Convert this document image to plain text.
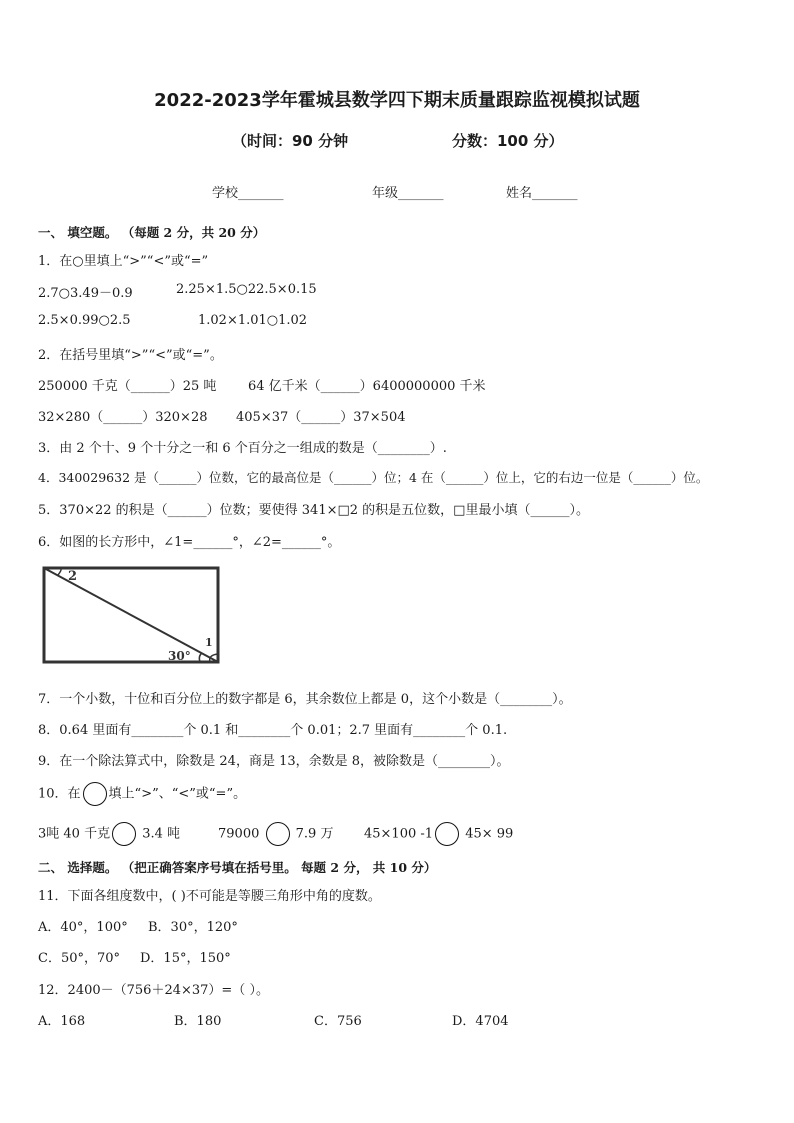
2022-2023学年霍城县数学四下期末质量跟踪监视模拟试题
（时间：90 分钟	分数：100 分）
学校_______	年级_______	姓名_______
一、 填空题。 （每题 2 分，共 20 分）
1．在○里填上“>”“<”或“=”
2.7○3.49－0.9	2.25×1.5○22.5×0.15
2.5×0.99○2.5	1.02×1.01○1.02
2．在括号里填“>”“<”或“=”。
250000 千克（______）25 吨 64 亿千米（______）6400000000 千米
32×280（______）320×28 405×37（______）37×504
3．由 2 个十、9 个十分之一和 6 个百分之一组成的数是（________）.
4．340029632 是（______）位数，它的最高位是（______）位；4 在（______）位上，它的右边一位是（______）位。
5．370×22 的积是（______）位数；要使得 341×□2 的积是五位数，□里最小填（______）。
6．如图的长方形中，∠1=______°，∠2=______°。
2
1
30°
7．一个小数，十位和百分位上的数字都是 6，其余数位上都是 0，这个小数是（________）。
8．0.64 里面有________个 0.1 和________个 0.01；2.7 里面有________个 0.1.
9．在一个除法算式中，除数是 24，商是 13，余数是 8，被除数是（________）。
10．在 填上“>”、“<”或“=”。
3吨 40 千克 3.4 吨	79000	7.9 万 45×100 -1 45× 99
二、 选择题。 （把正确答案序号填在括号里。 每题 2 分， 共 10 分）
11．下面各组度数中，( )不可能是等腰三角形中角的度数。
A．40°，100° B．30°，120°
C．50°，70° D．15°，150°
12．2400－（756＋24×37）=（ ）。
A．168	B．180	C．756	D．4704
